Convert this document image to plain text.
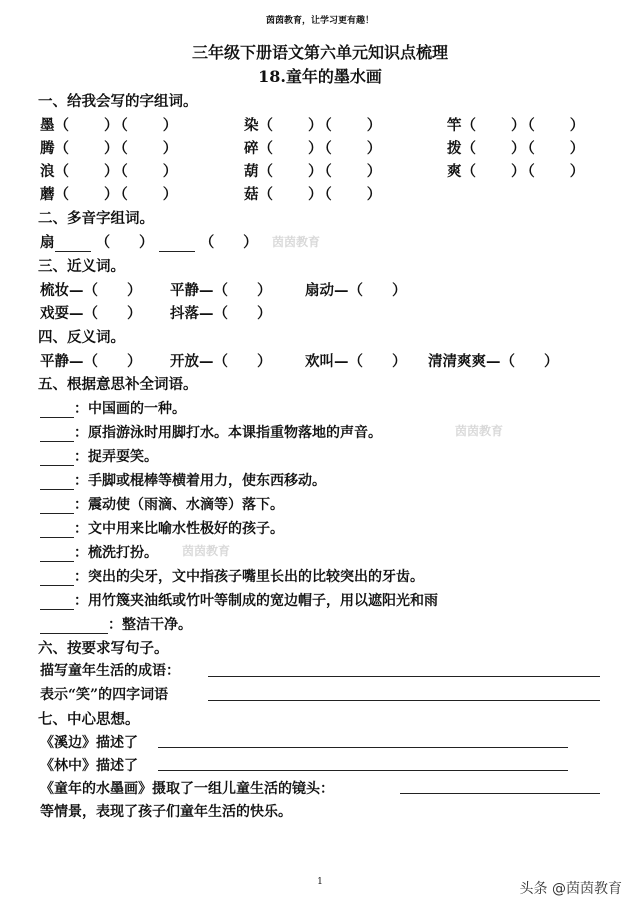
茵茵教育，让学习更有趣！
三年级下册语文第六单元知识点梳理
18.童年的墨水画
一、给我会写的字组词。
墨（　　）（　　）	染（　　）（　　）	竿（　　）（　　）
腾（　　）（　　）	碎（　　）（　　）	拨（　　）（　　）
浪（　　）（　　）	葫（　　）（　　）	爽（　　）（　　）
蘑（　　）（　　）	菇（　　）（　　）
二、多音字组词。
扇	（　　）	（　　） 茵茵教育
三、近义词。
梳妆—（　　） 平静—（　　） 扇动—（　　）
戏耍—（　　） 抖落—（　　）
四、反义词。
平静—（　　） 开放—（　　） 欢叫—（　　） 清清爽爽—（　　）
五、根据意思补全词语。
：中国画的一种。
：原指游泳时用脚打水。本课指重物落地的声音。	茵茵教育
：捉弄耍笑。
：手脚或棍棒等横着用力，使东西移动。
：震动使（雨滴、水滴等）落下。
：文中用来比喻水性极好的孩子。
：梳洗打扮。 茵茵教育
：突出的尖牙，文中指孩子嘴里长出的比较突出的牙齿。
：用竹篾夹油纸或竹叶等制成的宽边帽子，用以遮阳光和雨
：整洁干净。
六、按要求写句子。
描写童年生活的成语：
表示“笑”的四字词语
七、中心思想。
《溪边》描述了
《林中》描述了
《童年的水墨画》摄取了一组儿童生活的镜头：
等情景，表现了孩子们童年生活的快乐。
1	头条 @茵茵教育
